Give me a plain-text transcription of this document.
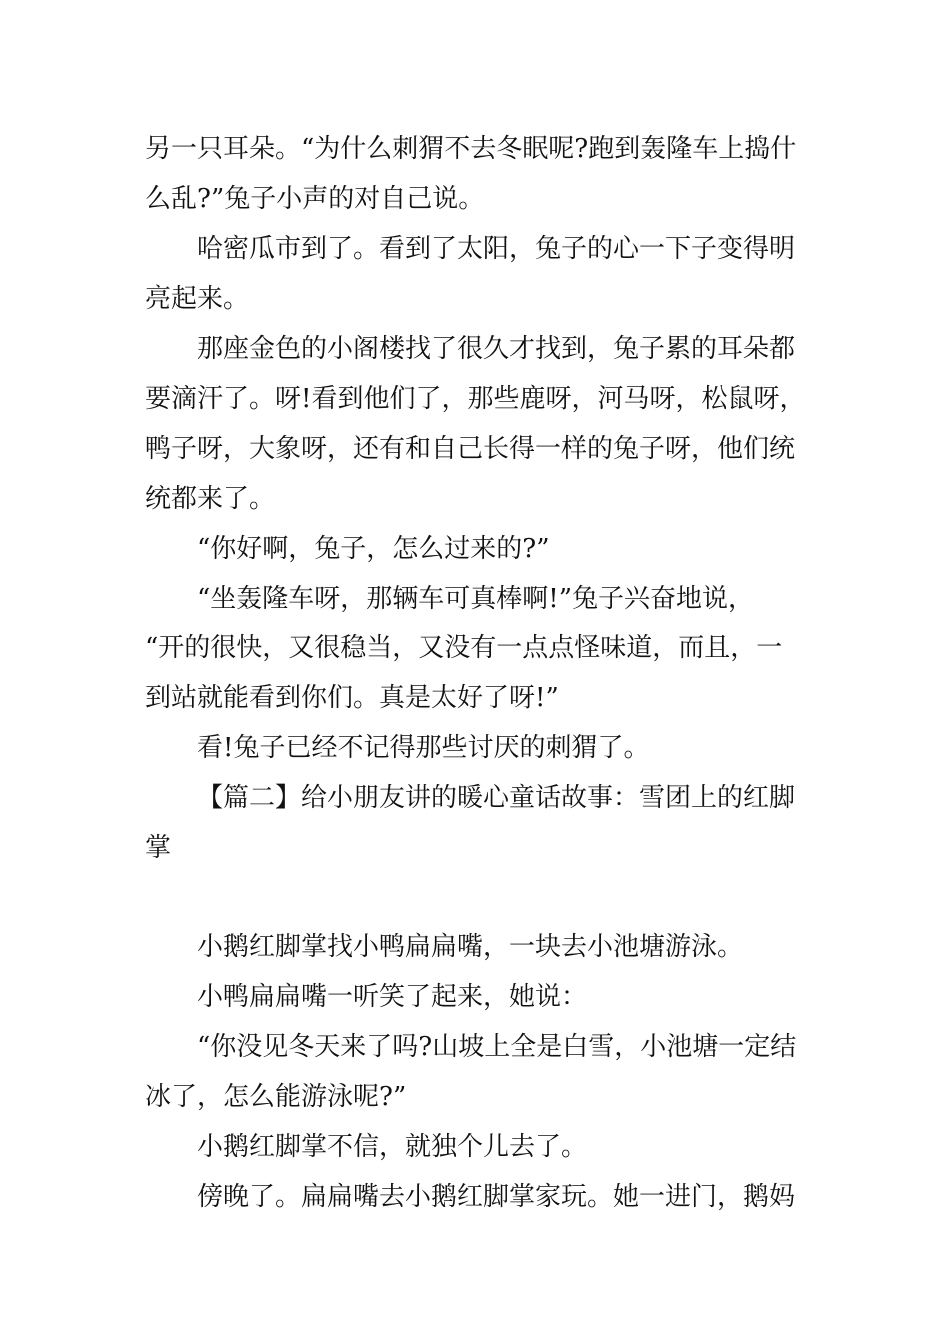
另一只耳朵。“为什么刺猬不去冬眠呢?跑到轰隆车上捣什
么乱?”兔子小声的对自己说。
哈密瓜市到了。看到了太阳，兔子的心一下子变得明
亮起来。
那座金色的小阁楼找了很久才找到，兔子累的耳朵都
要滴汗了。呀!看到他们了，那些鹿呀，河马呀，松鼠呀，
鸭子呀，大象呀，还有和自己长得一样的兔子呀，他们统
统都来了。
“你好啊，兔子，怎么过来的?”
“坐轰隆车呀，那辆车可真棒啊!”兔子兴奋地说，
“开的很快，又很稳当，又没有一点点怪味道，而且，一
到站就能看到你们。真是太好了呀!”
看!兔子已经不记得那些讨厌的刺猬了。
【篇二】给小朋友讲的暖心童话故事：雪团上的红脚
掌
小鹅红脚掌找小鸭扁扁嘴，一块去小池塘游泳。
小鸭扁扁嘴一听笑了起来，她说：
“你没见冬天来了吗?山坡上全是白雪，小池塘一定结
冰了，怎么能游泳呢?”
小鹅红脚掌不信，就独个儿去了。
傍晚了。扁扁嘴去小鹅红脚掌家玩。她一进门，鹅妈
